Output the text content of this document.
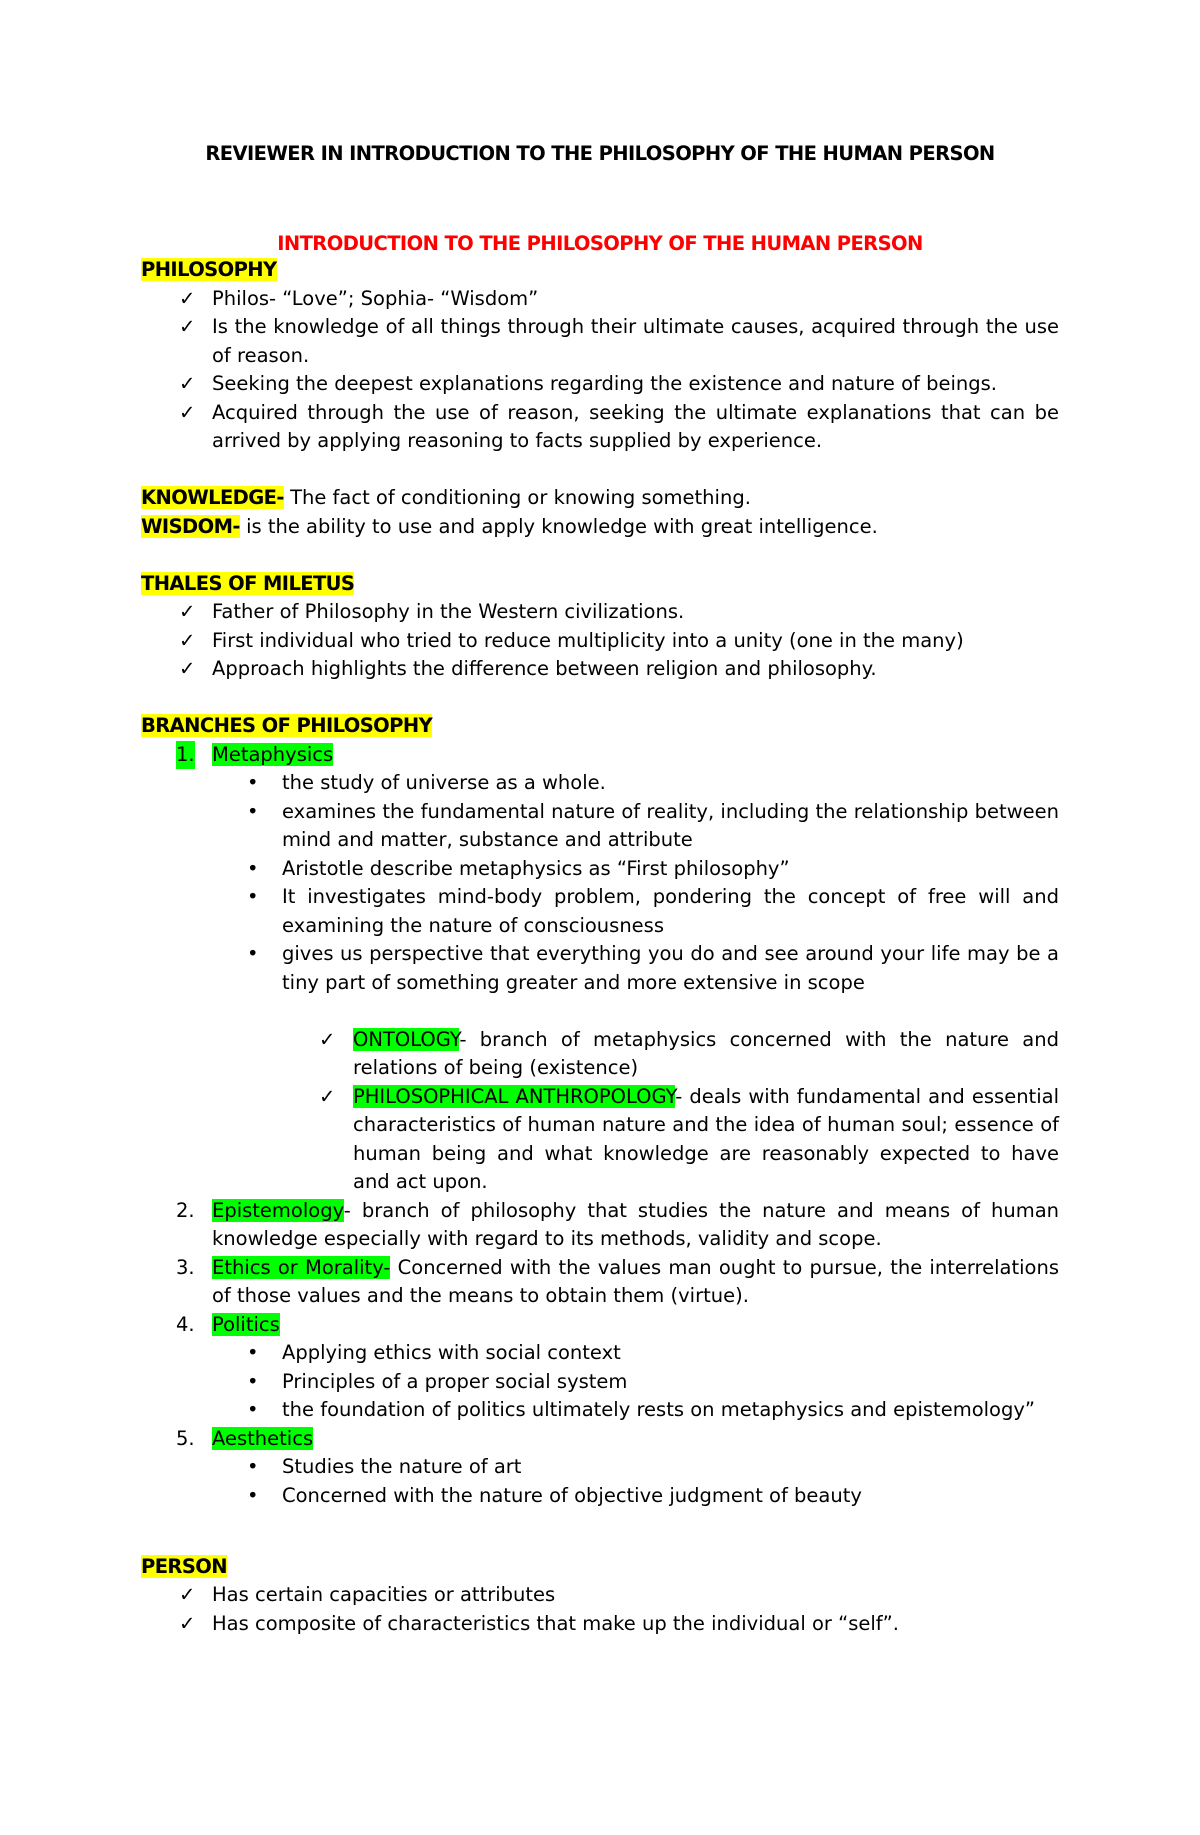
REVIEWER IN INTRODUCTION TO THE PHILOSOPHY OF THE HUMAN PERSON
INTRODUCTION TO THE PHILOSOPHY OF THE HUMAN PERSON
PHILOSOPHY
✓ Philos- “Love”; Sophia- “Wisdom”
✓ Is the knowledge of all things through their ultimate causes, acquired through the use of reason.
✓ Seeking the deepest explanations regarding the existence and nature of beings.
✓ Acquired through the use of reason, seeking the ultimate explanations that can be arrived by applying reasoning to facts supplied by experience.
KNOWLEDGE- The fact of conditioning or knowing something.
WISDOM- is the ability to use and apply knowledge with great intelligence.
THALES OF MILETUS
✓ Father of Philosophy in the Western civilizations.
✓ First individual who tried to reduce multiplicity into a unity (one in the many)
✓ Approach highlights the difference between religion and philosophy.
BRANCHES OF PHILOSOPHY
1. Metaphysics
• the study of universe as a whole.
• examines the fundamental nature of reality, including the relationship between mind and matter, substance and attribute
• Aristotle describe metaphysics as “First philosophy”
• It investigates mind-body problem, pondering the concept of free will and examining the nature of consciousness
• gives us perspective that everything you do and see around your life may be a tiny part of something greater and more extensive in scope
✓ ONTOLOGY- branch of metaphysics concerned with the nature and relations of being (existence)
✓ PHILOSOPHICAL ANTHROPOLOGY- deals with fundamental and essential characteristics of human nature and the idea of human soul; essence of human being and what knowledge are reasonably expected to have and act upon.
2. Epistemology- branch of philosophy that studies the nature and means of human knowledge especially with regard to its methods, validity and scope.
3. Ethics or Morality- Concerned with the values man ought to pursue, the interrelations of those values and the means to obtain them (virtue).
4. Politics
• Applying ethics with social context
• Principles of a proper social system
• the foundation of politics ultimately rests on metaphysics and epistemology”
5. Aesthetics
• Studies the nature of art
• Concerned with the nature of objective judgment of beauty
PERSON
✓ Has certain capacities or attributes
✓ Has composite of characteristics that make up the individual or “self”.
